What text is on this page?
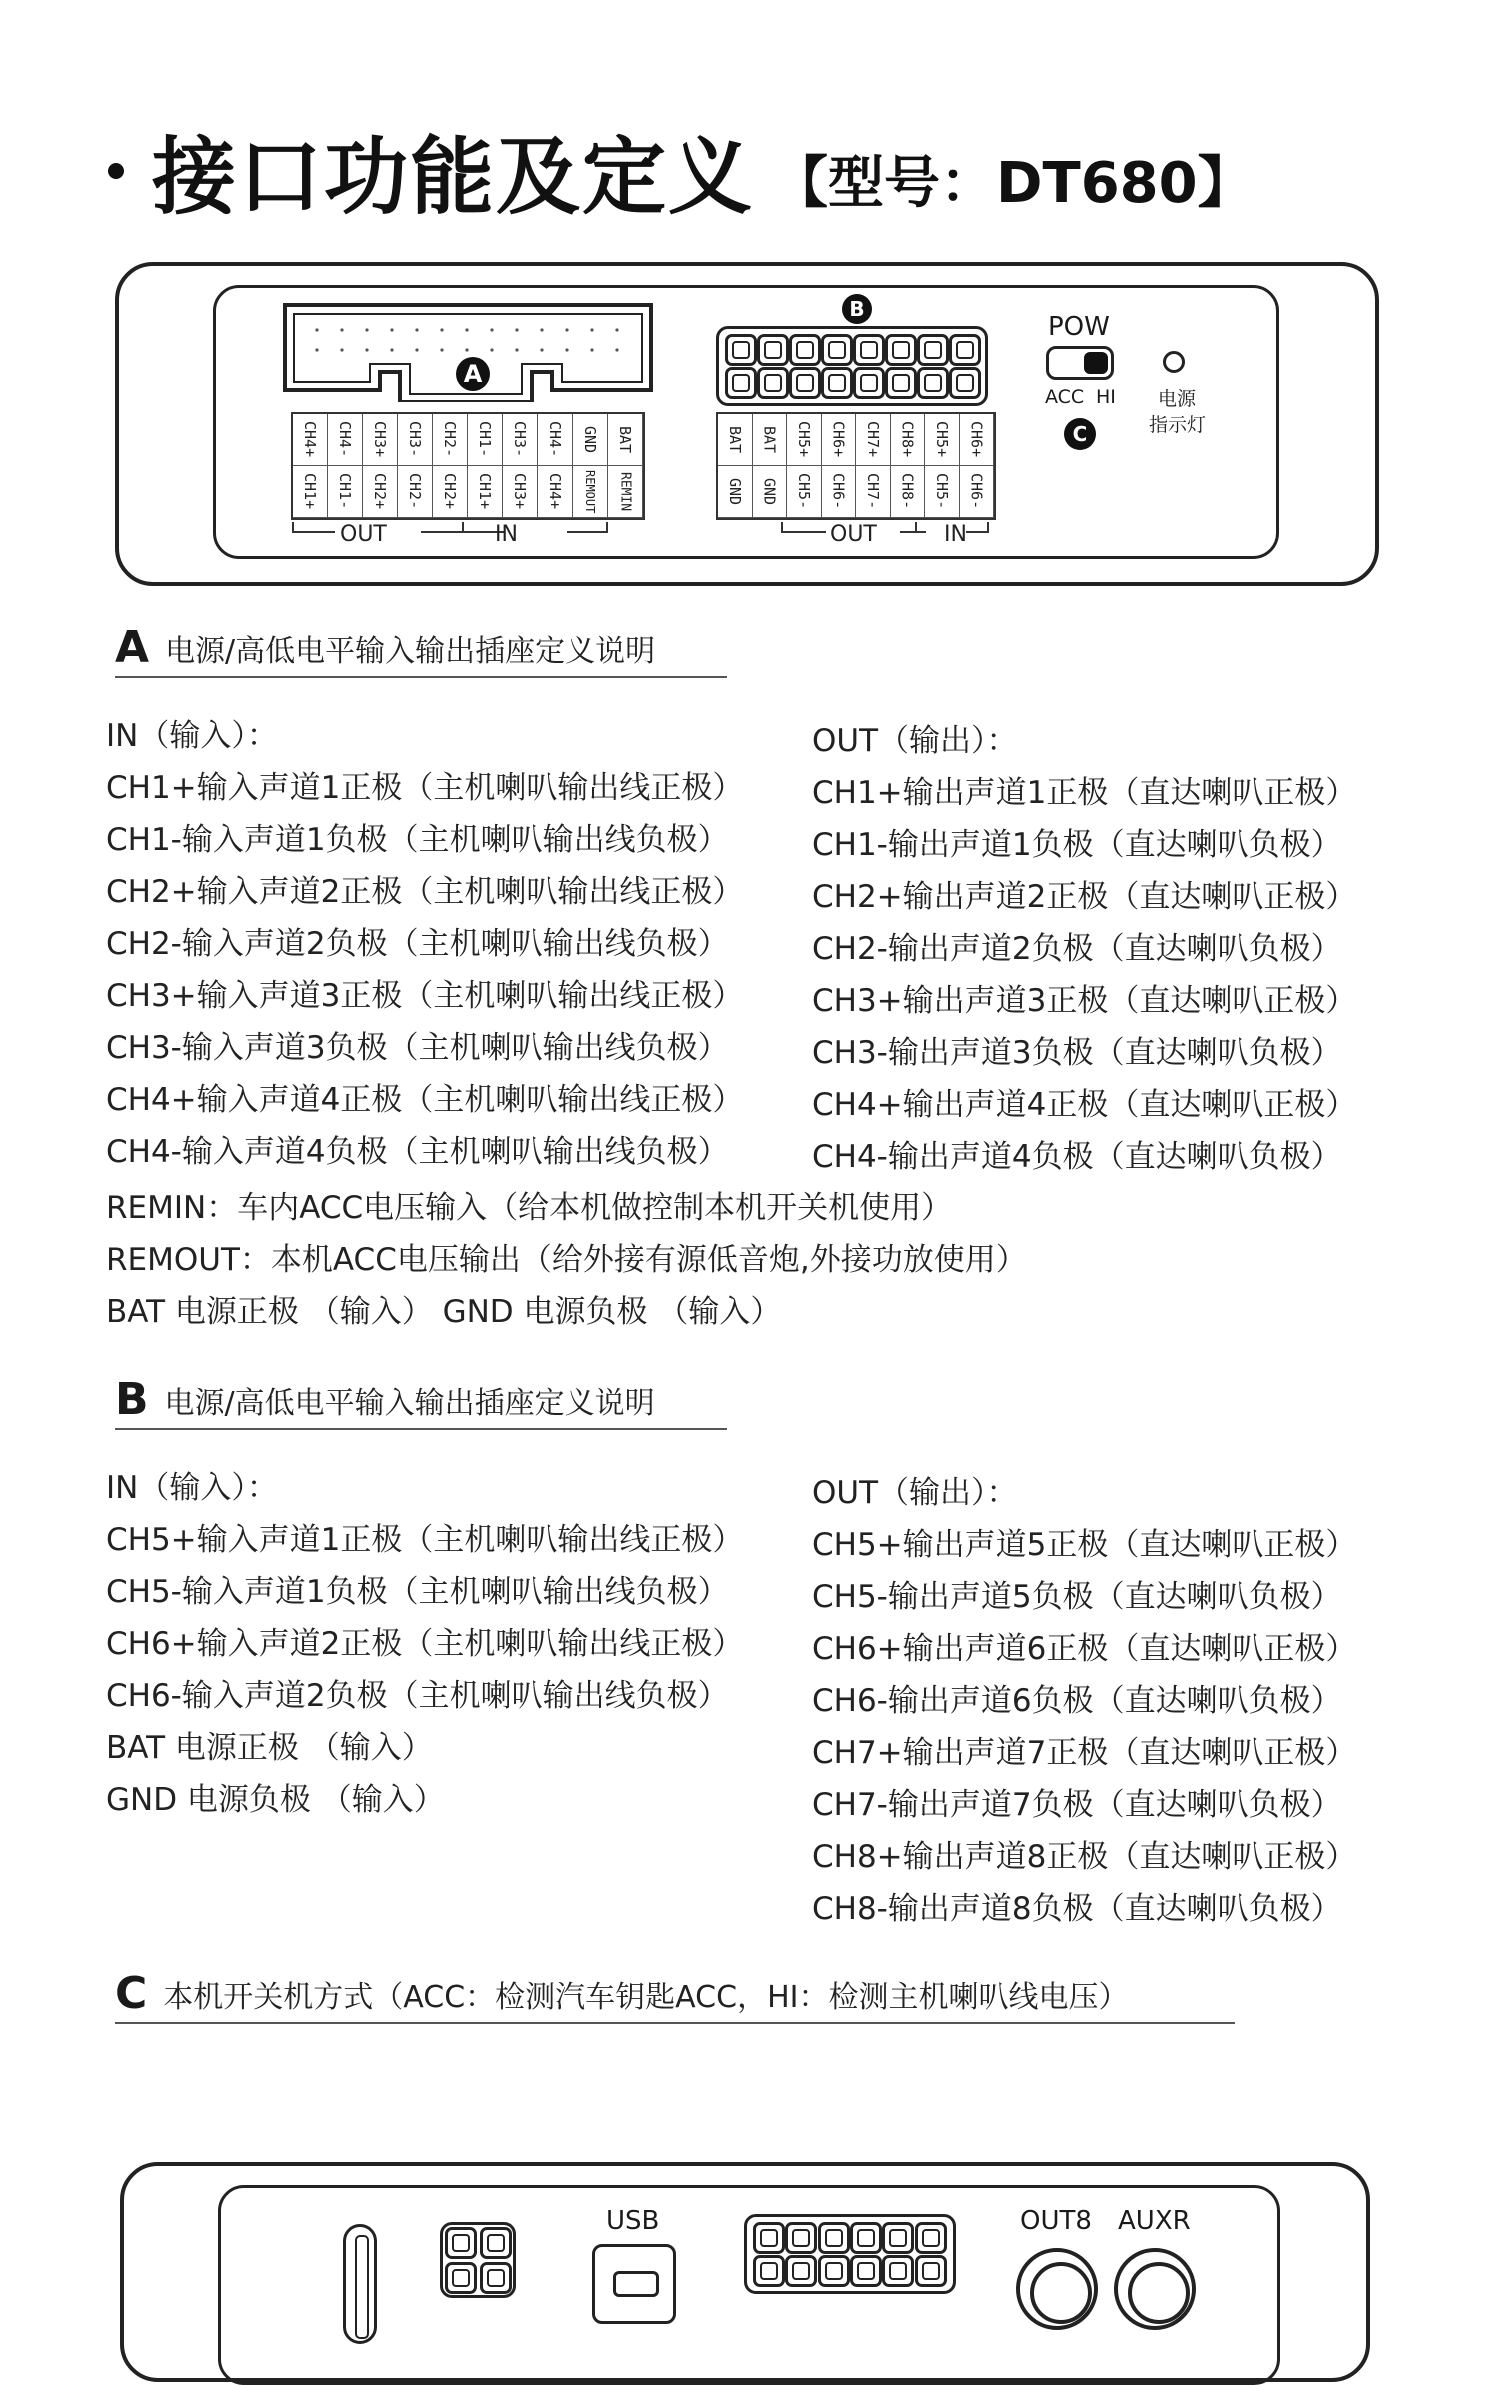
接口功能及定义 【型号：DT680】
A
CH4+ CH4- CH3+ CH3- CH2- CH1- CH3- CH4- GND BAT
CH1+ CH1- CH2+ CH2- CH2+ CH1+ CH3+ CH4+ REMOUT REMIN
OUT	IN
B
BAT BAT CH5+ CH6+ CH7+ CH8+ CH5+ CH6+
GND GND CH5- CH6- CH7- CH8- CH5- CH6-
OUT	IN
POW
ACC HI
C
电源
指示灯
A 电源/高低电平输入输出插座定义说明
IN（输入）：
CH1+输入声道1正极（主机喇叭输出线正极）
CH1-输入声道1负极（主机喇叭输出线负极）
CH2+输入声道2正极（主机喇叭输出线正极）
CH2-输入声道2负极（主机喇叭输出线负极）
CH3+输入声道3正极（主机喇叭输出线正极）
CH3-输入声道3负极（主机喇叭输出线负极）
CH4+输入声道4正极（主机喇叭输出线正极）
CH4-输入声道4负极（主机喇叭输出线负极）
OUT（输出）：
CH1+输出声道1正极（直达喇叭正极）
CH1-输出声道1负极（直达喇叭负极）
CH2+输出声道2正极（直达喇叭正极）
CH2-输出声道2负极（直达喇叭负极）
CH3+输出声道3正极（直达喇叭正极）
CH3-输出声道3负极（直达喇叭负极）
CH4+输出声道4正极（直达喇叭正极）
CH4-输出声道4负极（直达喇叭负极）
REMIN：车内ACC电压输入（给本机做控制本机开关机使用）
REMOUT：本机ACC电压输出（给外接有源低音炮,外接功放使用）
BAT 电源正极 （输入） GND 电源负极 （输入）
B 电源/高低电平输入输出插座定义说明
IN（输入）：
CH5+输入声道1正极（主机喇叭输出线正极）
CH5-输入声道1负极（主机喇叭输出线负极）
CH6+输入声道2正极（主机喇叭输出线正极）
CH6-输入声道2负极（主机喇叭输出线负极）
BAT 电源正极 （输入）
GND 电源负极 （输入）
OUT（输出）：
CH5+输出声道5正极（直达喇叭正极）
CH5-输出声道5负极（直达喇叭负极）
CH6+输出声道6正极（直达喇叭正极）
CH6-输出声道6负极（直达喇叭负极）
CH7+输出声道7正极（直达喇叭正极）
CH7-输出声道7负极（直达喇叭负极）
CH8+输出声道8正极（直达喇叭正极）
CH8-输出声道8负极（直达喇叭负极）
C 本机开关机方式（ACC：检测汽车钥匙ACC，HI：检测主机喇叭线电压）
USB	OUT8 AUXR
